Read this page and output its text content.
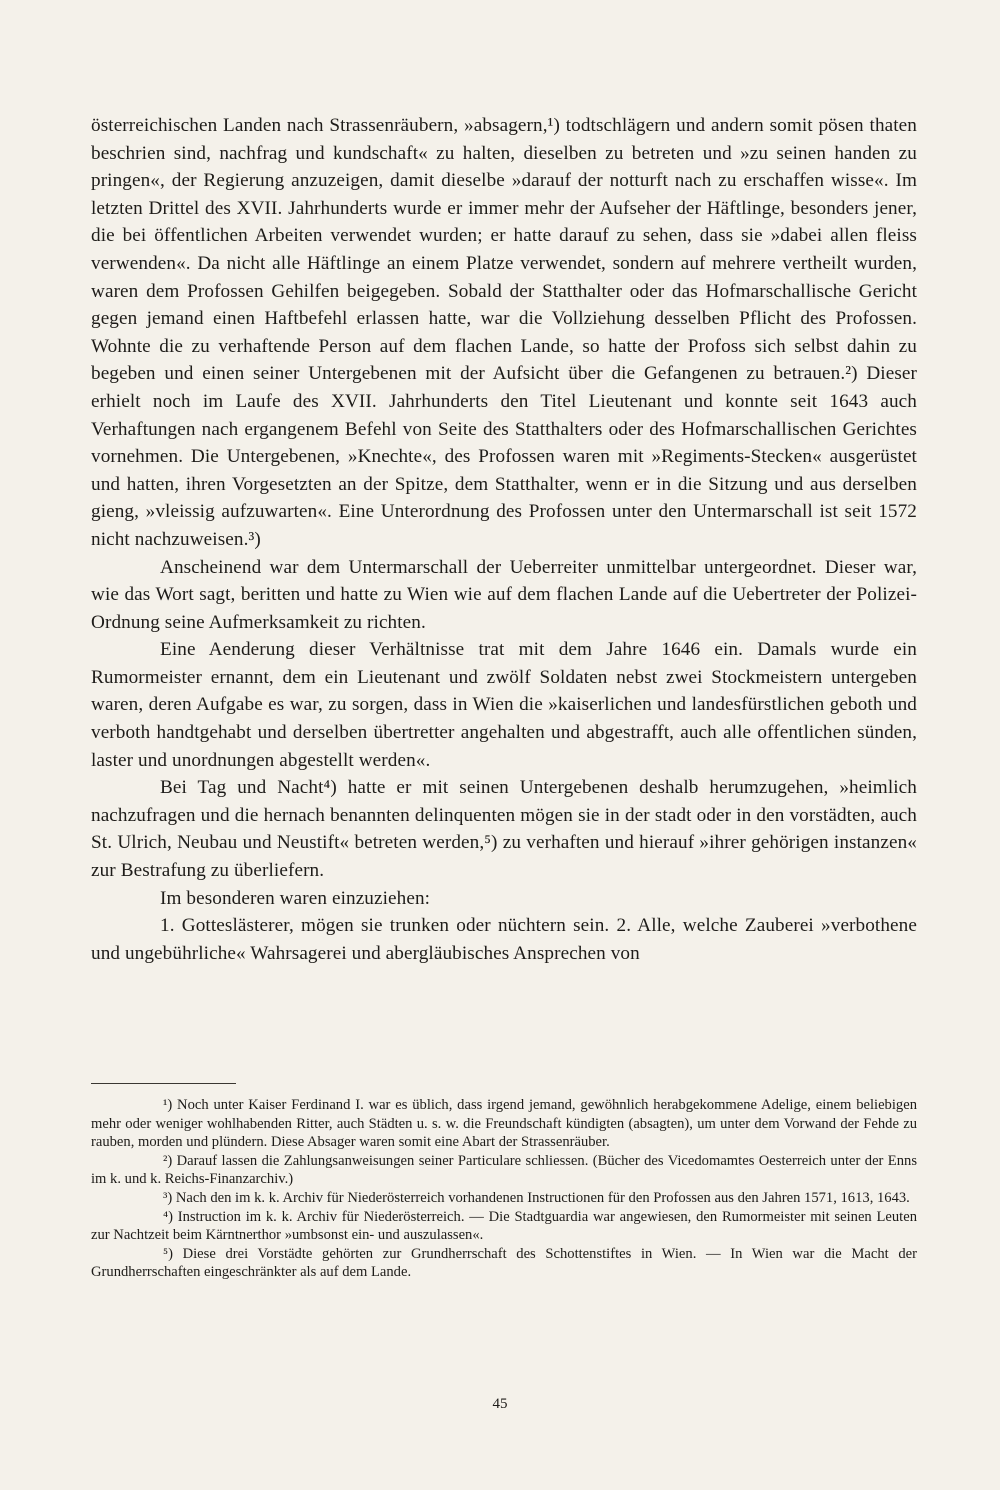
österreichischen Landen nach Strassenräubern, »absagern,¹) todtschlägern und andern somit pösen thaten beschrien sind, nachfrag und kundschaft« zu halten, dieselben zu betreten und »zu seinen handen zu pringen«, der Regierung anzuzeigen, damit dieselbe »darauf der notturft nach zu erschaffen wisse«. Im letzten Drittel des XVII. Jahrhunderts wurde er immer mehr der Aufseher der Häftlinge, besonders jener, die bei öffentlichen Arbeiten verwendet wurden; er hatte darauf zu sehen, dass sie »dabei allen fleiss verwenden«. Da nicht alle Häftlinge an einem Platze verwendet, sondern auf mehrere vertheilt wurden, waren dem Profossen Gehilfen beigegeben. Sobald der Statthalter oder das Hofmarschallische Gericht gegen jemand einen Haftbefehl erlassen hatte, war die Vollziehung desselben Pflicht des Profossen. Wohnte die zu verhaftende Person auf dem flachen Lande, so hatte der Profoss sich selbst dahin zu begeben und einen seiner Untergebenen mit der Aufsicht über die Gefangenen zu betrauen.²) Dieser erhielt noch im Laufe des XVII. Jahrhunderts den Titel Lieutenant und konnte seit 1643 auch Verhaftungen nach ergangenem Befehl von Seite des Statthalters oder des Hofmarschallischen Gerichtes vornehmen. Die Untergebenen, »Knechte«, des Profossen waren mit »Regiments-Stecken« ausgerüstet und hatten, ihren Vorgesetzten an der Spitze, dem Statthalter, wenn er in die Sitzung und aus derselben gieng, »vleissig aufzuwarten«. Eine Unterordnung des Profossen unter den Untermarschall ist seit 1572 nicht nachzuweisen.³)

Anscheinend war dem Untermarschall der Ueberreiter unmittelbar untergeordnet. Dieser war, wie das Wort sagt, beritten und hatte zu Wien wie auf dem flachen Lande auf die Uebertreter der Polizei-Ordnung seine Aufmerksamkeit zu richten.

Eine Aenderung dieser Verhältnisse trat mit dem Jahre 1646 ein. Damals wurde ein Rumormeister ernannt, dem ein Lieutenant und zwölf Soldaten nebst zwei Stockmeistern untergeben waren, deren Aufgabe es war, zu sorgen, dass in Wien die »kaiserlichen und landesfürstlichen geboth und verboth handtgehabt und derselben übertretter angehalten und abgestrafft, auch alle offentlichen sünden, laster und unordnungen abgestellt werden«.

Bei Tag und Nacht⁴) hatte er mit seinen Untergebenen deshalb herumzugehen, »heimlich nachzufragen und die hernach benannten delinquenten mögen sie in der stadt oder in den vorstädten, auch St. Ulrich, Neubau und Neustift« betreten werden,⁵) zu verhaften und hierauf »ihrer gehörigen instanzen« zur Bestrafung zu überliefern.

Im besonderen waren einzuziehen:

1. Gotteslästerer, mögen sie trunken oder nüchtern sein. 2. Alle, welche Zauberei »verbothene und ungebührliche« Wahrsagerei und abergläubisches Ansprechen von

¹) Noch unter Kaiser Ferdinand I. war es üblich, dass irgend jemand, gewöhnlich herabgekommene Adelige, einem beliebigen mehr oder weniger wohlhabenden Ritter, auch Städten u. s. w. die Freundschaft kündigten (absagten), um unter dem Vorwand der Fehde zu rauben, morden und plündern. Diese Absager waren somit eine Abart der Strassenräuber.

²) Darauf lassen die Zahlungsanweisungen seiner Particulare schliessen. (Bücher des Vicedomamtes Oesterreich unter der Enns im k. und k. Reichs-Finanzarchiv.)

³) Nach den im k. k. Archiv für Niederösterreich vorhandenen Instructionen für den Profossen aus den Jahren 1571, 1613, 1643.

⁴) Instruction im k. k. Archiv für Niederösterreich. — Die Stadtguardia war angewiesen, den Rumormeister mit seinen Leuten zur Nachtzeit beim Kärntnerthor »umbsonst ein- und auszulassen«.

⁵) Diese drei Vorstädte gehörten zur Grundherrschaft des Schottenstiftes in Wien. — In Wien war die Macht der Grundherrschaften eingeschränkter als auf dem Lande.

45
